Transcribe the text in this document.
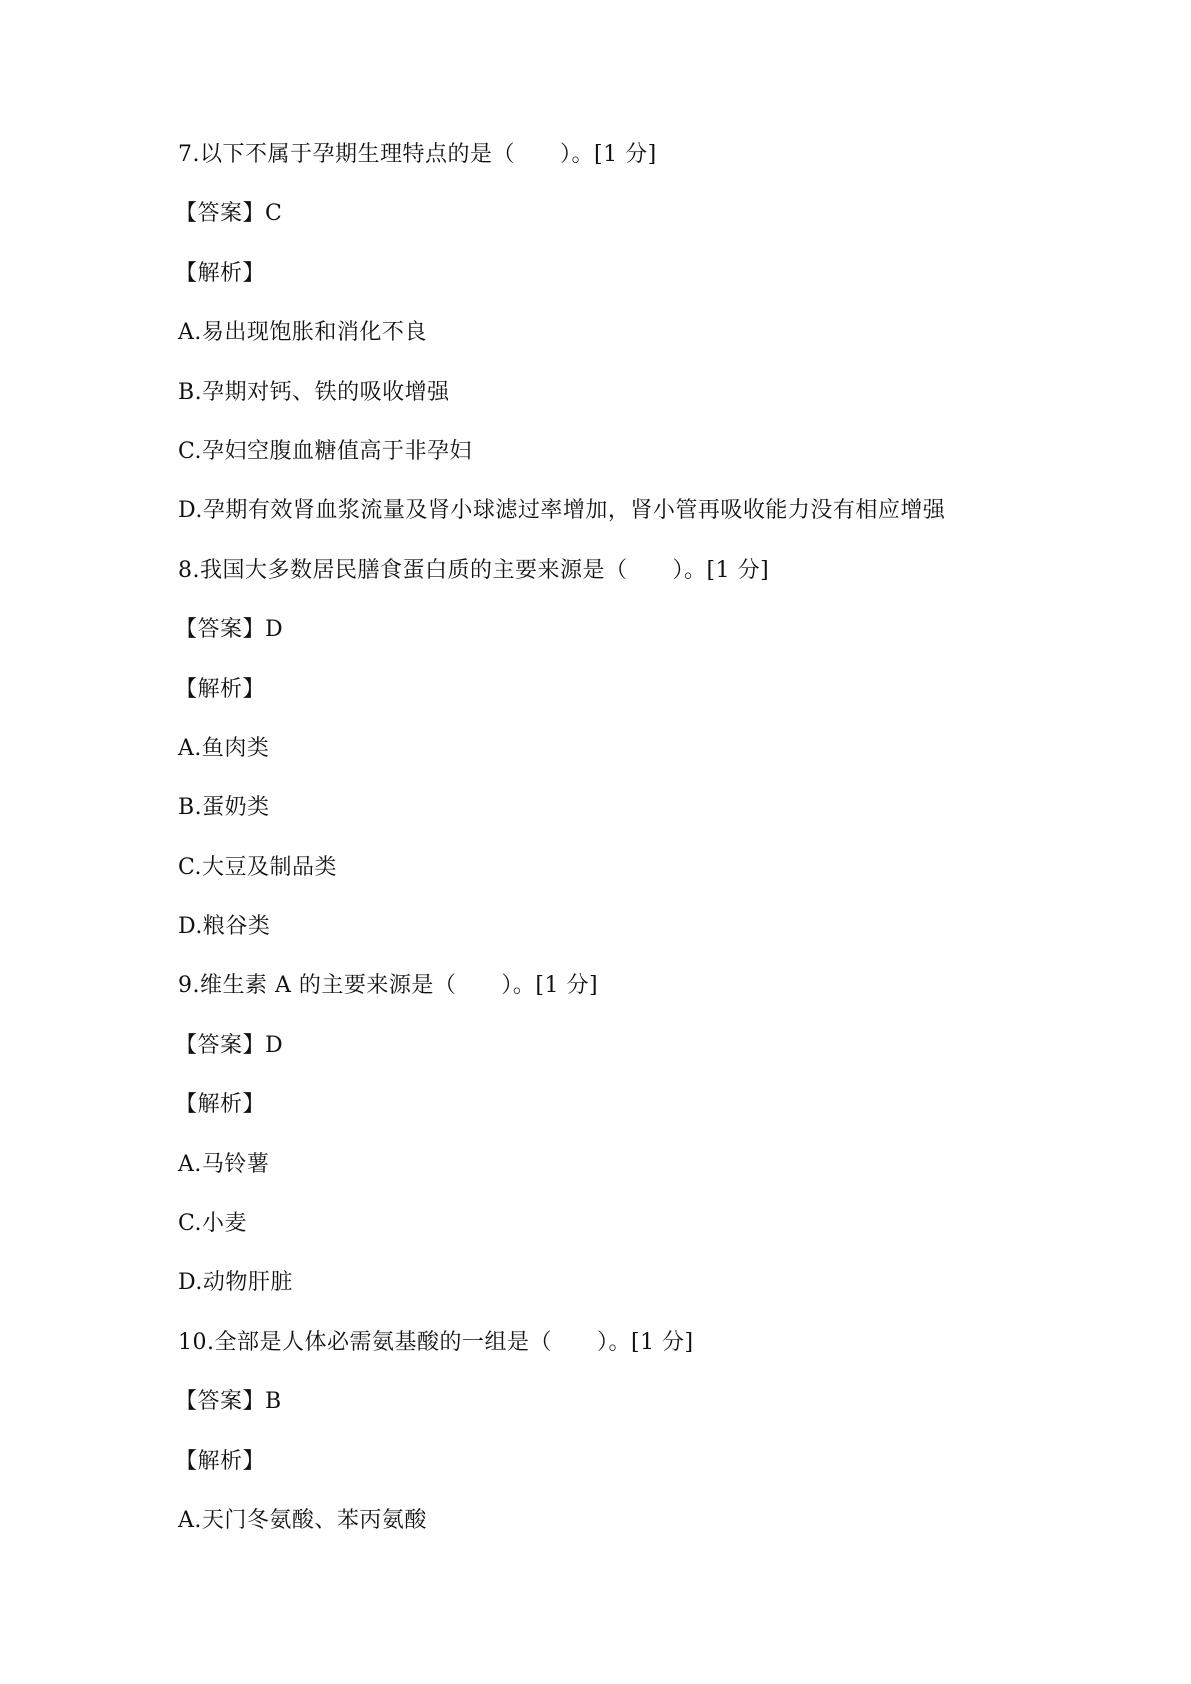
7.以下不属于孕期生理特点的是（　　）。[1 分]
【答案】C
【解析】
A.易出现饱胀和消化不良
B.孕期对钙、铁的吸收增强
C.孕妇空腹血糖值高于非孕妇
D.孕期有效肾血浆流量及肾小球滤过率增加，肾小管再吸收能力没有相应增强
8.我国大多数居民膳食蛋白质的主要来源是（　　）。[1 分]
【答案】D
【解析】
A.鱼肉类
B.蛋奶类
C.大豆及制品类
D.粮谷类
9.维生素 A 的主要来源是（　　）。[1 分]
【答案】D
【解析】
A.马铃薯
C.小麦
D.动物肝脏
10.全部是人体必需氨基酸的一组是（　　）。[1 分]
【答案】B
【解析】
A.天门冬氨酸、苯丙氨酸
